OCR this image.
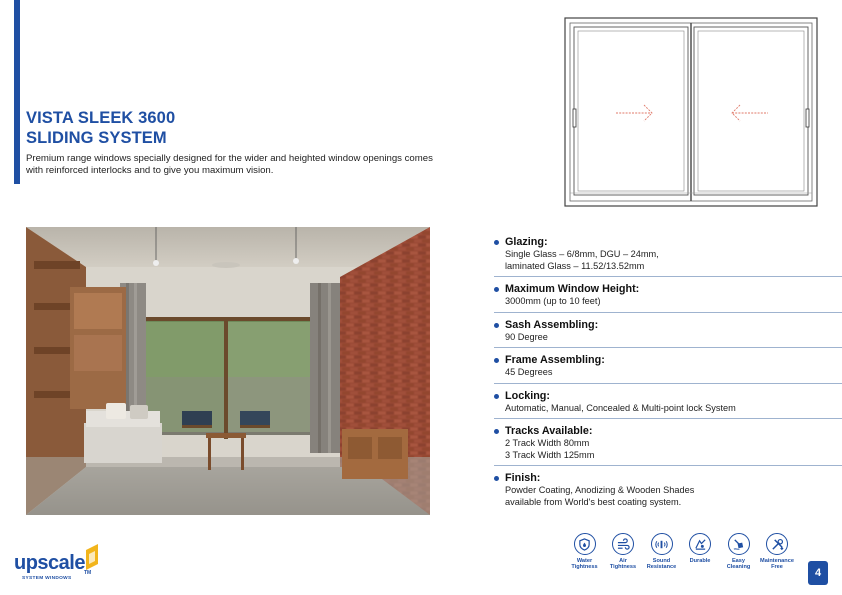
VISTA SLEEK 3600
SLIDING SYSTEM

Premium range windows specially designed for the wider and heighted window openings comes with reinforced interlocks and to give you maximum vision.

Glazing:
Single Glass – 6/8mm, DGU – 24mm,
laminated Glass – 11.52/13.52mm
Maximum Window Height:
3000mm (up to 10 feet)
Sash Assembling:
90 Degree
Frame Assembling:
45 Degrees
Locking:
Automatic, Manual, Concealed & Multi-point lock System
Tracks Available:
2 Track Width 80mm
3 Track Width 125mm
Finish:
Powder Coating, Anodizing & Wooden Shades
available from World's best coating system.
upscale TM
SYSTEM WINDOWS
Water
Tightness
Air
Tightness
Sound
Resistance
Durable	Easy
Cleaning
Maintenance
Free	4
